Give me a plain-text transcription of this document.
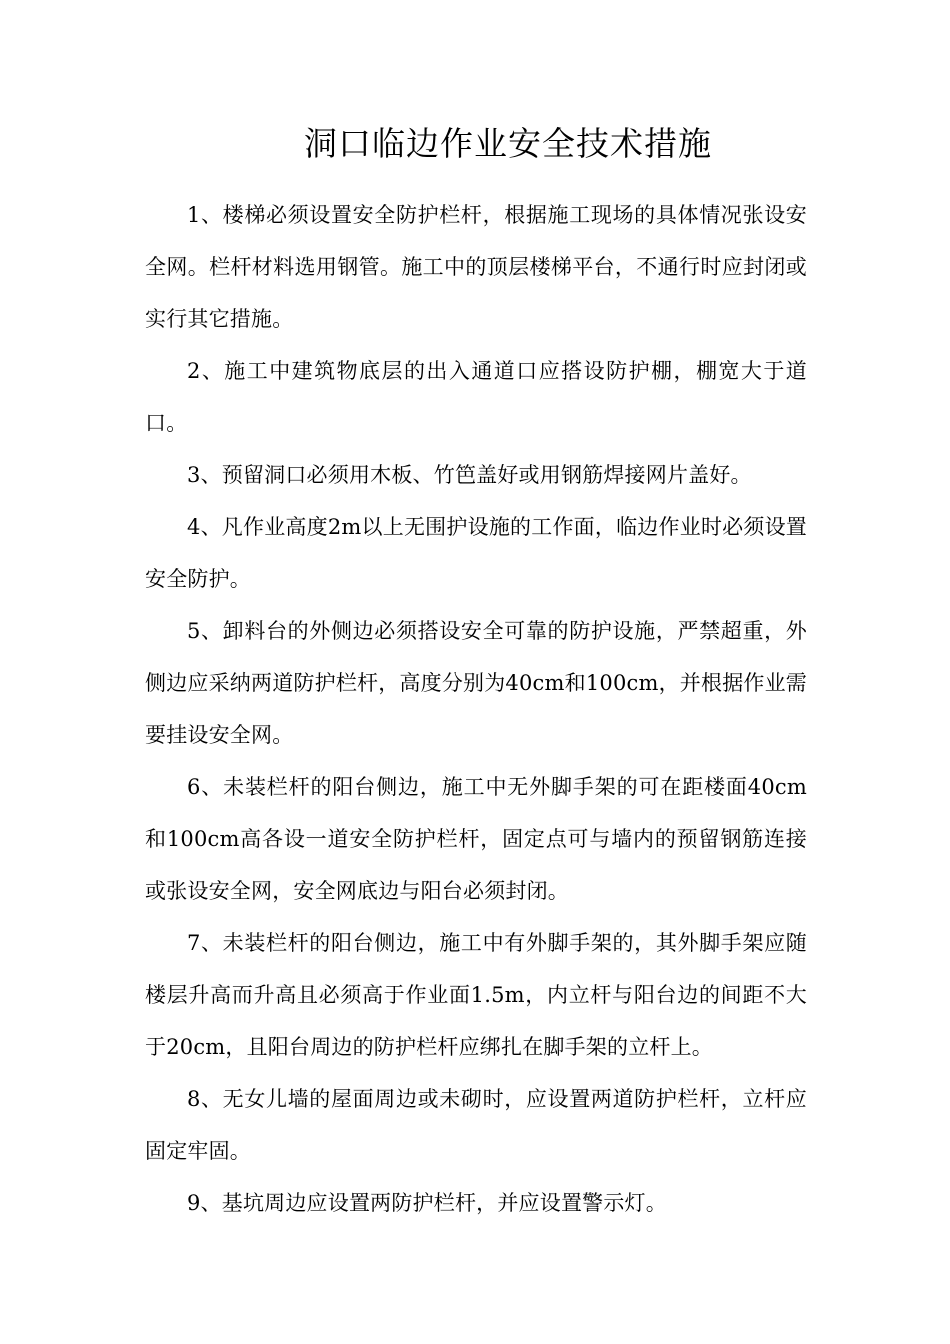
洞口临边作业安全技术措施

1、楼梯必须设置安全防护栏杆，根据施工现场的具体情况张设安全网。栏杆材料选用钢管。施工中的顶层楼梯平台，不通行时应封闭或实行其它措施。

2、施工中建筑物底层的出入通道口应搭设防护棚，棚宽大于道口。

3、预留洞口必须用木板、竹笆盖好或用钢筋焊接网片盖好。

4、凡作业高度2m以上无围护设施的工作面，临边作业时必须设置安全防护。

5、卸料台的外侧边必须搭设安全可靠的防护设施，严禁超重，外侧边应采纳两道防护栏杆，高度分别为40cm和100cm，并根据作业需要挂设安全网。

6、未装栏杆的阳台侧边，施工中无外脚手架的可在距楼面40cm和100cm高各设一道安全防护栏杆，固定点可与墙内的预留钢筋连接或张设安全网，安全网底边与阳台必须封闭。

7、未装栏杆的阳台侧边，施工中有外脚手架的，其外脚手架应随楼层升高而升高且必须高于作业面1.5m，内立杆与阳台边的间距不大于20cm，且阳台周边的防护栏杆应绑扎在脚手架的立杆上。

8、无女儿墙的屋面周边或未砌时，应设置两道防护栏杆，立杆应固定牢固。

9、基坑周边应设置两防护栏杆，并应设置警示灯。
